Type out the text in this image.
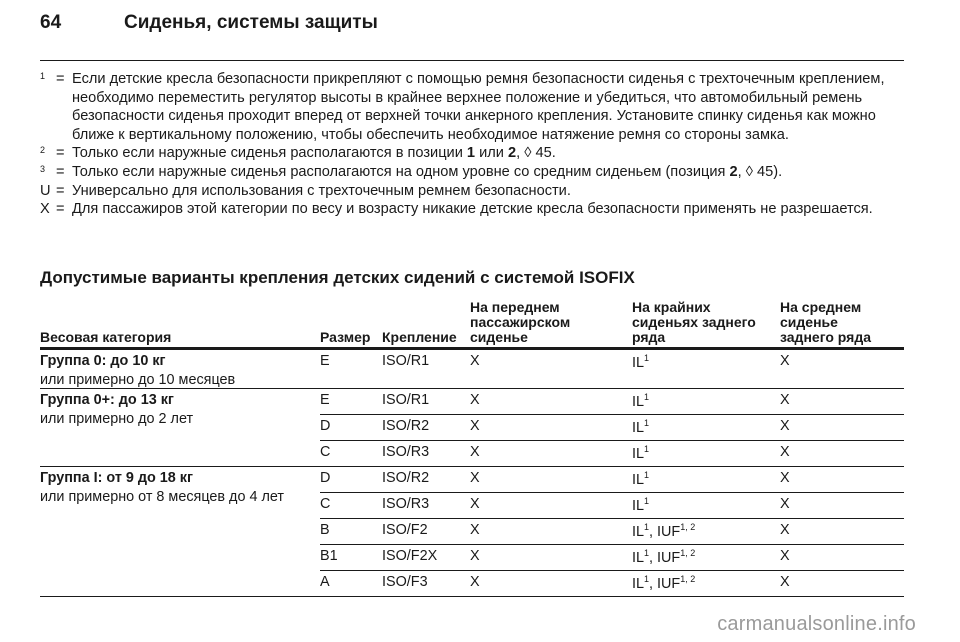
64	Сиденья, системы защиты
1 = Если детские кресла безопасности прикрепляют с помощью ремня безопасности сиденья с трехточечным креплением, необходимо переместить регулятор высоты в крайнее верхнее положение и убедиться, что автомобильный ремень безопасности сиденья проходит вперед от верхней точки анкерного крепления. Установите спинку сиденья как можно ближе к вертикальному положению, чтобы обеспечить необходимое натяжение ремня со стороны замка.
2 = Только если наружные сиденья располагаются в позиции 1 или 2, ◊ 45.
3 = Только если наружные сиденья располагаются на одном уровне со средним сиденьем (позиция 2, ◊ 45).
U = Универсально для использования с трехточечным ремнем безопасности.
X = Для пассажиров этой категории по весу и возрасту никакие детские кресла безопасности применять не разрешается.
Допустимые варианты крепления детских сидений с системой ISOFIX
Весовая категория	Размер	Крепление	На переднем
пассажирском
сиденье	На крайних
сиденьях заднего
ряда	На среднем
сиденье
заднего ряда
Группа 0: до 10 кг
или примерно до 10 месяцев	E	ISO/R1	X	$IL^1$	X
Группа 0+: до 13 кг
или примерно до 2 лет	E	ISO/R1	X	$IL^1$	X
	D	ISO/R2	X	$IL^1$	X
	C	ISO/R3	X	$IL^1$	X
Группа I: от 9 до 18 кг
или примерно от 8 месяцев до 4 лет	D	ISO/R2	X	$IL^1$	X
	C	ISO/R3	X	$IL^1$	X
	B	ISO/F2	X	$IL^1$, IUF$^{1, 2}$	X
	B1	ISO/F2X	X	$IL^1$, IUF$^{1, 2}$	X
	A	ISO/F3	X	$IL^1$, IUF$^{1, 2}$	X
carmanualsonline.info
